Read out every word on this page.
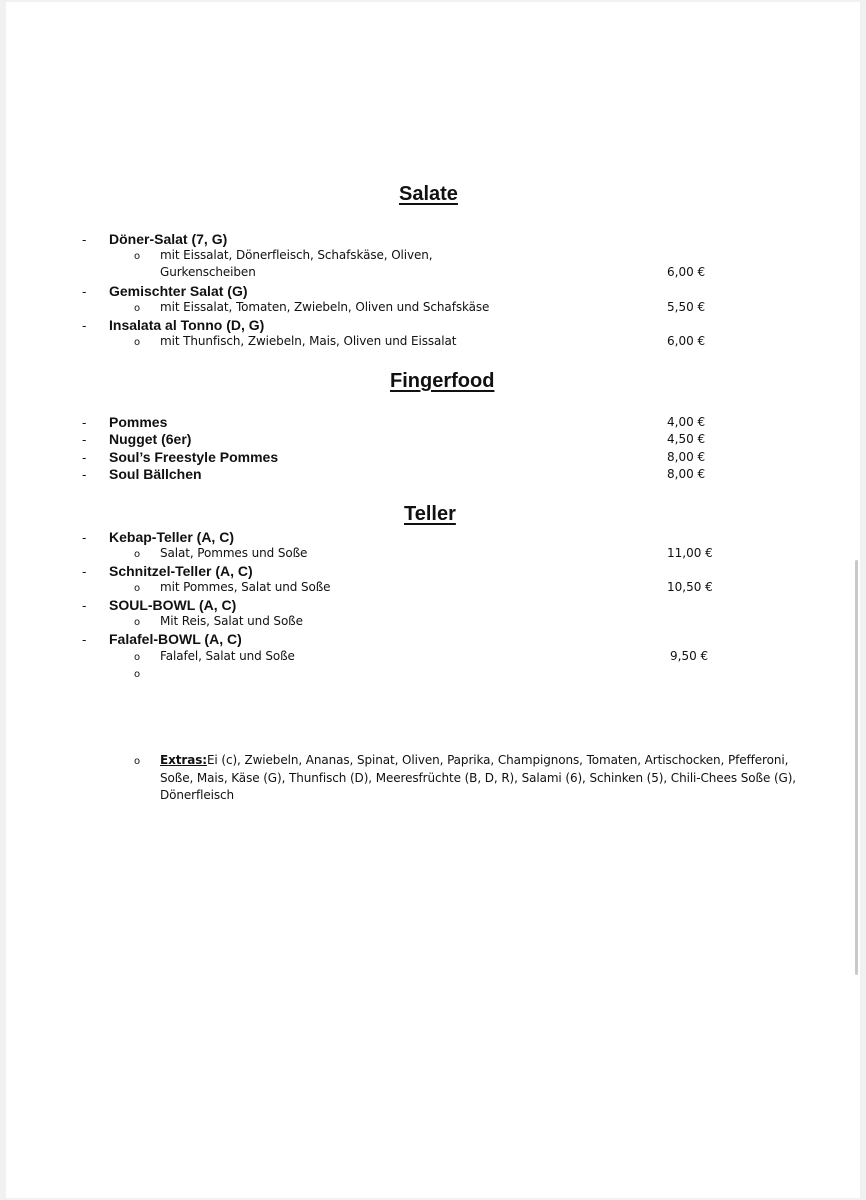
Salate
- Döner-Salat (7, G)
o mit Eissalat, Dönerfleisch, Schafskäse, Oliven,
Gurkenscheiben	6,00 €
- Gemischter Salat (G)
o mit Eissalat, Tomaten, Zwiebeln, Oliven und Schafskäse	5,50 €
- Insalata al Tonno (D, G)
o mit Thunfisch, Zwiebeln, Mais, Oliven und Eissalat	6,00 €
Fingerfood
- Pommes	4,00 €
- Nugget (6er)	4,50 €
- Soul’s Freestyle Pommes	8,00 €
- Soul Bällchen	8,00 €
Teller
- Kebap-Teller (A, C)
o Salat, Pommes und Soße	11,00 €
- Schnitzel-Teller (A, C)
o mit Pommes, Salat und Soße	10,50 €
- SOUL-BOWL (A, C)
o Mit Reis, Salat und Soße
- Falafel-BOWL (A, C)
o Falafel, Salat und Soße	9,50 €
o
o Extras:Ei (c), Zwiebeln, Ananas, Spinat, Oliven, Paprika, Champignons, Tomaten, Artischocken, Pfefferoni, Soße, Mais, Käse (G), Thunfisch (D), Meeresfrüchte (B, D, R), Salami (6), Schinken (5), Chili-Chees Soße (G), Dönerfleisch
